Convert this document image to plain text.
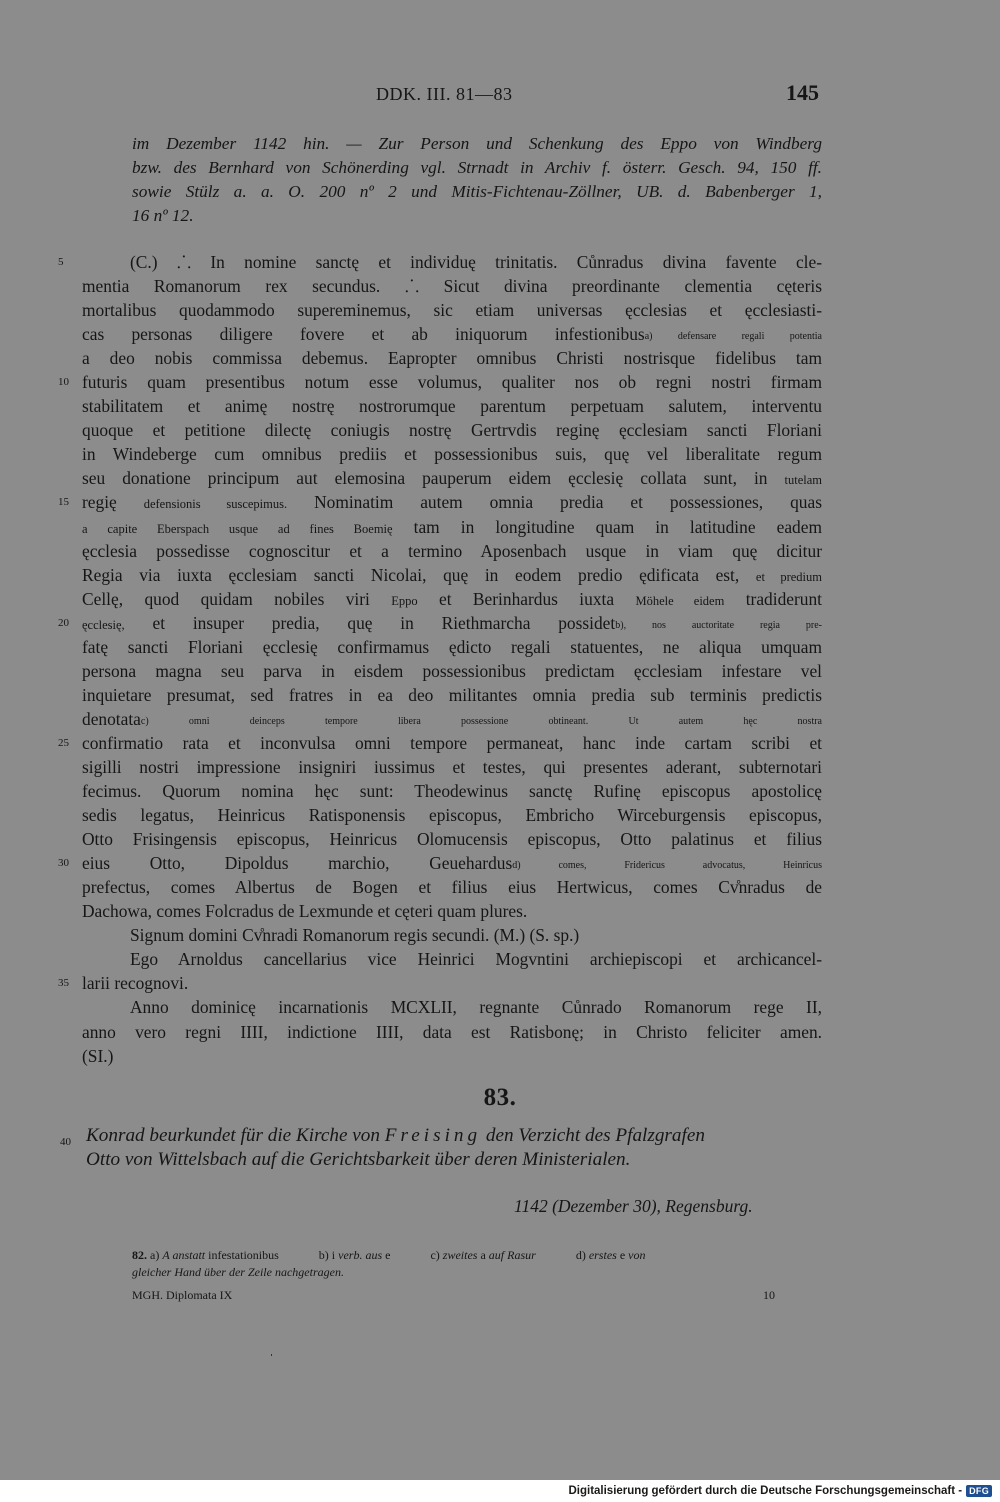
DDK. III. 81—83	145
im Dezember 1142 hin. — Zur Person und Schenkung des Eppo von Windberg
bzw. des Bernhard von Schönerding vgl. Strnadt in Archiv f. österr. Gesch. 94, 150 ff.
sowie Stülz a. a. O. 200 nº 2 und Mitis-Fichtenau-Zöllner, UB. d. Babenberger 1,
16 nº 12.
5	(C.) ⸫ In nomine sanctę et individuę trinitatis. Cůnradus divina favente cle-
mentia Romanorum rex secundus. ⸫ Sicut divina preordinante clementia cęteris
mortalibus quodammodo supereminemus, sic etiam universas ęcclesias et ęcclesiasti-
cas personas diligere fovere et ab iniquorum infestionibus$^{a) defensare regali potentia}$
a deo nobis commissa debemus. Eapropter omnibus Christi nostrisque fidelibus tam
10 futuris quam presentibus notum esse volumus, qualiter nos ob regni nostri firmam
stabilitatem et animę nostrę nostrorumque parentum perpetuam salutem, interventu
quoque et petitione dilectę coniugis nostrę Gertrvdis reginę ęcclesiam sancti Floriani
in Windeberge cum omnibus prediis et possessionibus suis, quę vel liberalitate regum
seu donatione principum aut elemosina pauperum eidem ęcclesię collata sunt, in tutelam
15 regię defensionis suscepimus. Nominatim autem omnia predia et possessiones, quas
a capite Eberspach usque ad fines Boemię tam in longitudine quam in latitudine eadem
ęcclesia possedisse cognoscitur et a termino Aposenbach usque in viam quę dicitur
Regia via iuxta ęcclesiam sancti Nicolai, quę in eodem predio ędificata est, et predium
Cellę, quod quidam nobiles viri Eppo et Berinhardus iuxta Möhele eidem tradiderunt
20	ęcclesię, et insuper predia, quę in Riethmarcha possidet$^{b), nos auctoritate regia pre-}$
fatę sancti Floriani ęcclesię confirmamus ędicto regali statuentes, ne aliqua umquam
persona magna seu parva in eisdem possessionibus predictam ęcclesiam infestare vel
inquietare presumat, sed fratres in ea deo militantes omnia predia sub terminis predictis
denotata$^{c) omni deinceps tempore libera possessione obtineant. Ut autem hęc nostra}$
25 confirmatio rata et inconvulsa omni tempore permaneat, hanc inde cartam scribi et
sigilli nostri impressione insigniri iussimus et testes, qui presentes aderant, subternotari
fecimus. Quorum nomina hęc sunt: Theodewinus sanctę Rufinę episcopus apostolicę
sedis legatus, Heinricus Ratisponensis episcopus, Embricho Wirceburgensis episcopus,
Otto Frisingensis episcopus, Heinricus Olomucensis episcopus, Otto palatinus et filius
30 eius Otto, Dipoldus marchio, Geuehardus$^{d) comes, Fridericus advocatus, Heinricus}$
prefectus, comes Albertus de Bogen et filius eius Hertwicus, comes Cv̊nradus de
Dachowa, comes Folcradus de Lexmunde et cęteri quam plures.
Signum domini Cv̊nradi Romanorum regis secundi. (M.) (S. sp.)
Ego Arnoldus cancellarius vice Heinrici Mogvntini archiepiscopi et archicancel-
35 larii recognovi.
Anno dominicę incarnationis MCXLII, regnante Cůnrado Romanorum rege II,
anno vero regni IIII, indictione IIII, data est Ratisbonę; in Christo feliciter amen.
(SI.)
83.
40 Konrad beurkundet für die Kirche von Freising den Verzicht des Pfalzgrafen
Otto von Wittelsbach auf die Gerichtsbarkeit über deren Ministerialen.
1142 (Dezember 30), Regensburg.
82. a) A anstatt infestationibus	b) i verb. aus e	c) zweites a auf Rasur	d) erstes e von
gleicher Hand über der Zeile nachgetragen.
MGH. Diplomata IX	10
Digitalisierung gefördert durch die Deutsche Forschungsgemeinschaft - DFG
